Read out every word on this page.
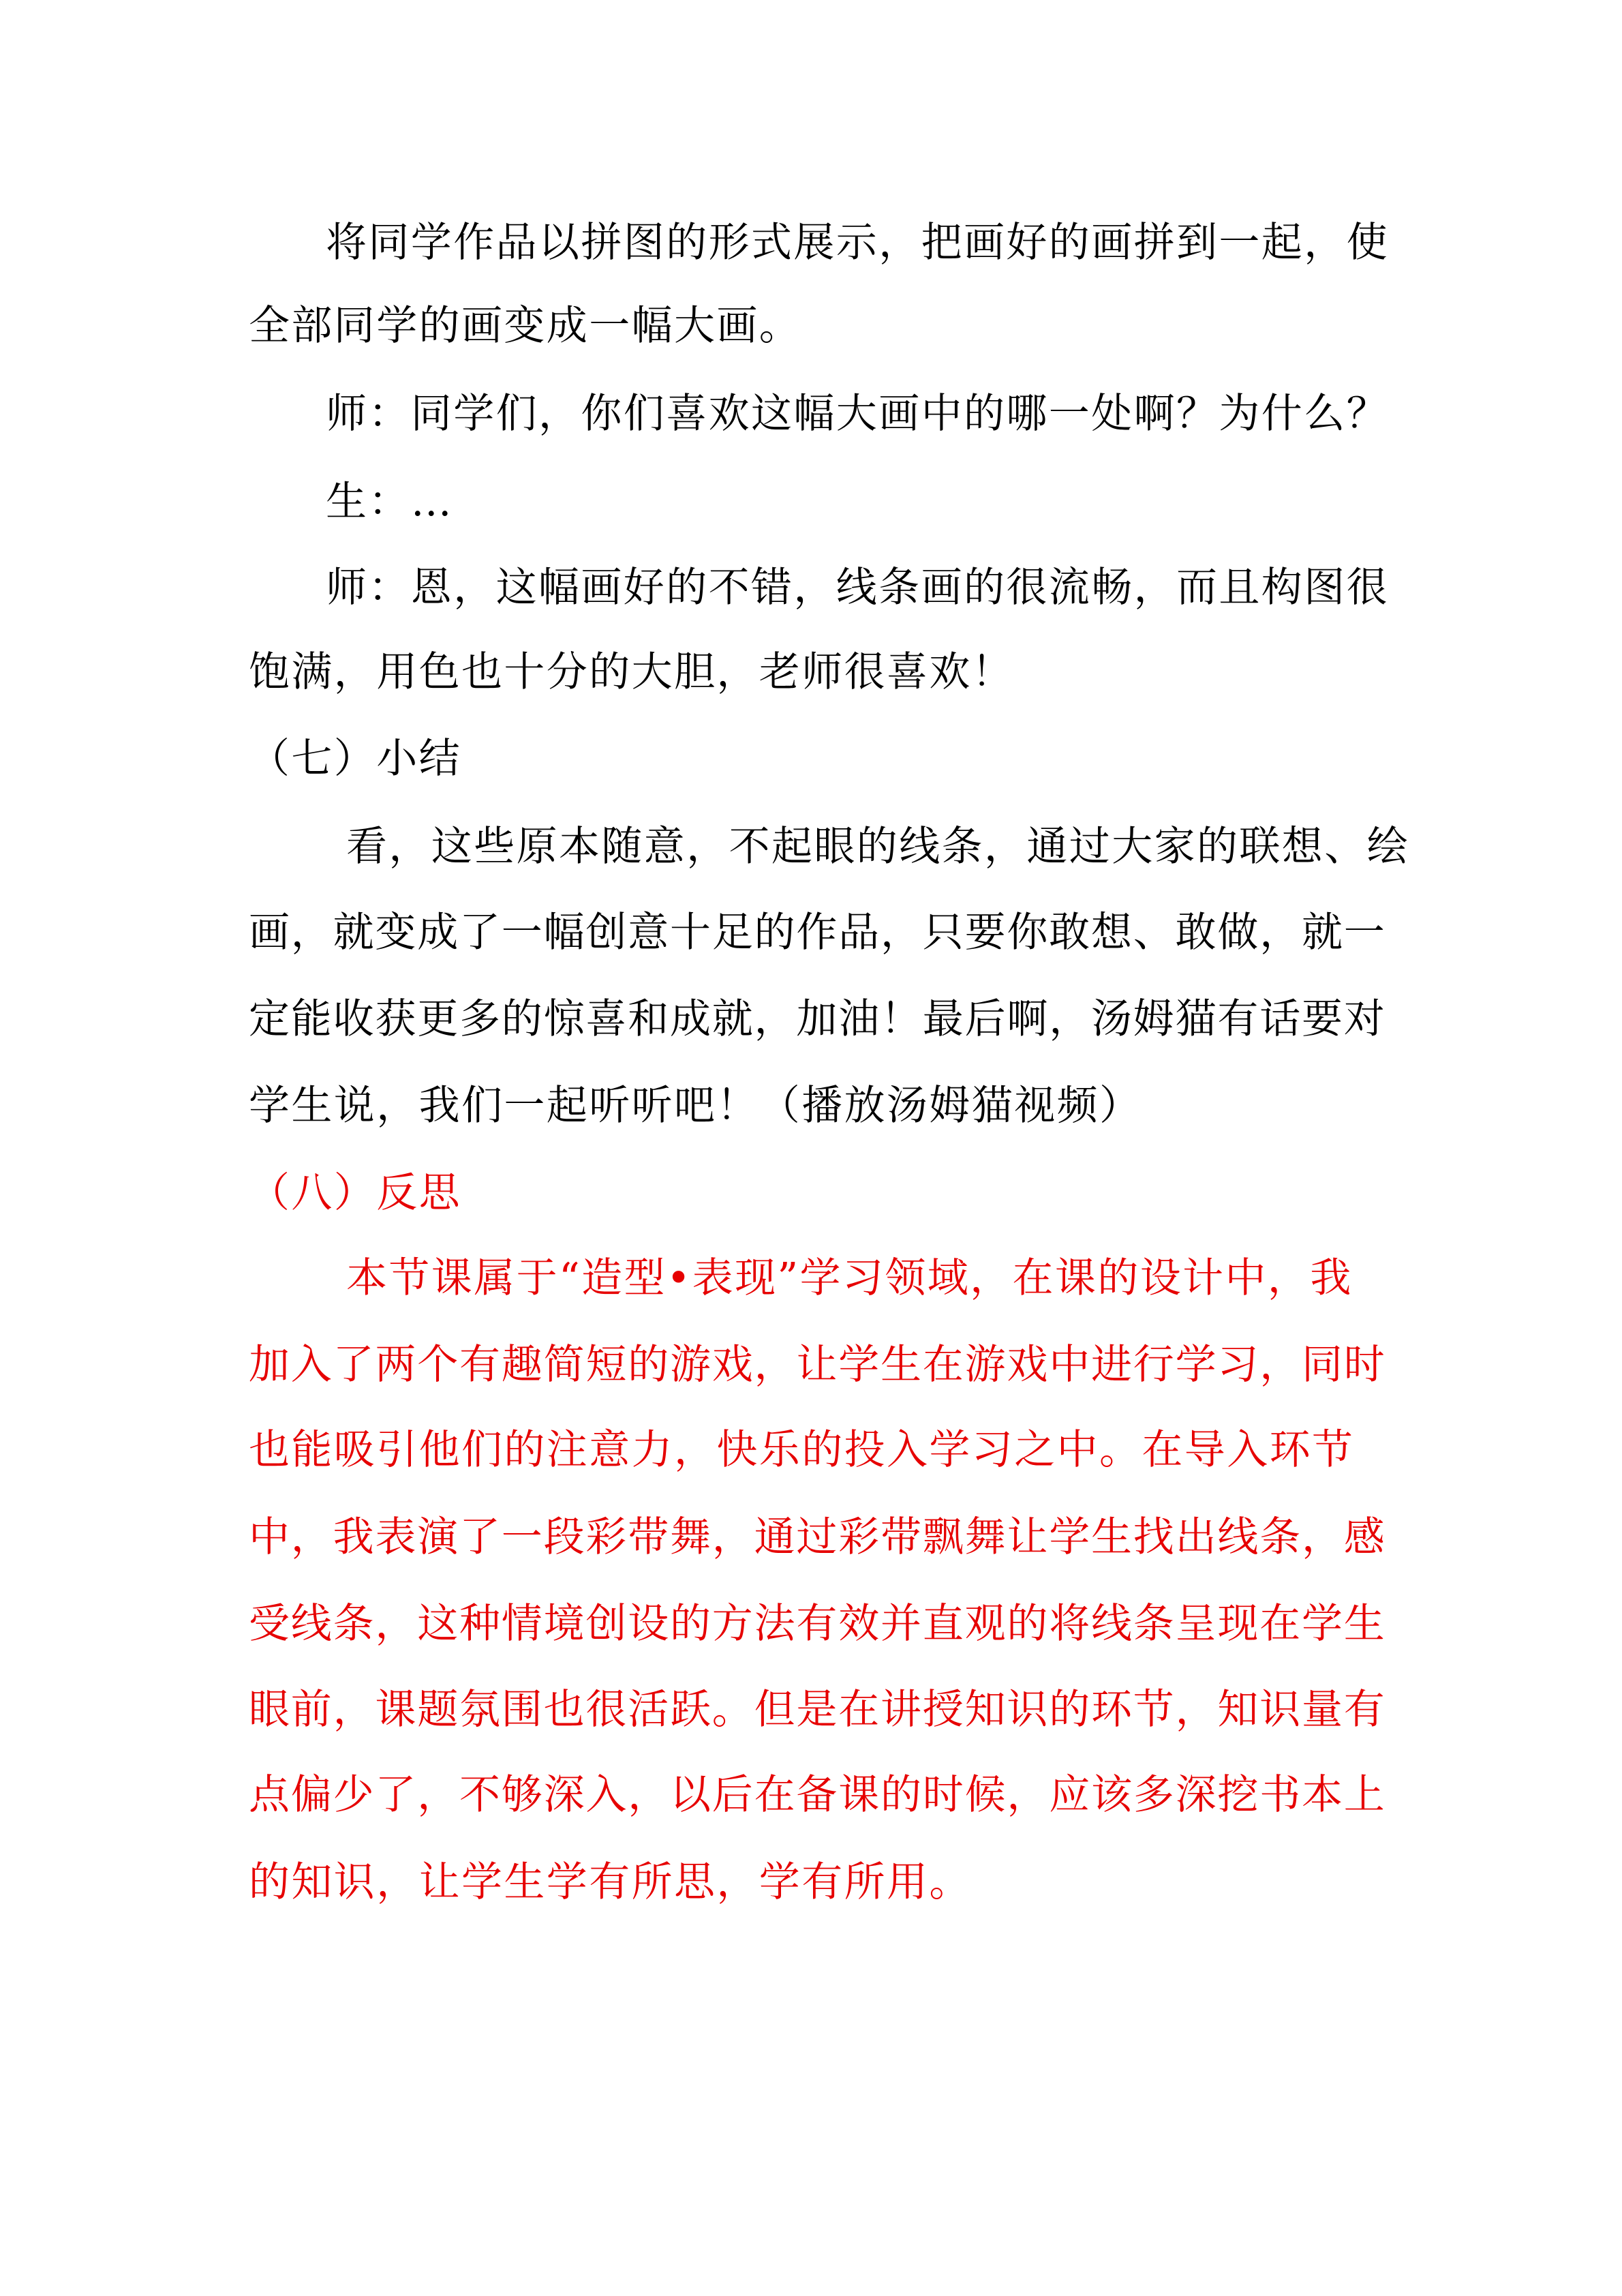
将同学作品以拼图的形式展示，把画好的画拼到一起，使
全部同学的画变成一幅大画。
师：同学们，你们喜欢这幅大画中的哪一处啊？为什么？
生：…
师：恩，这幅画好的不错，线条画的很流畅，而且构图很
饱满，用色也十分的大胆，老师很喜欢！
（七）小结
看，这些原本随意，不起眼的线条，通过大家的联想、绘
画，就变成了一幅创意十足的作品，只要你敢想、敢做，就一
定能收获更多的惊喜和成就，加油！最后啊，汤姆猫有话要对
学生说，我们一起听听吧！（播放汤姆猫视频）
（八）反思
本节课属于“造型•表现”学习领域，在课的设计中，我
加入了两个有趣简短的游戏，让学生在游戏中进行学习，同时
也能吸引他们的注意力，快乐的投入学习之中。在导入环节
中，我表演了一段彩带舞，通过彩带飘舞让学生找出线条，感
受线条，这种情境创设的方法有效并直观的将线条呈现在学生
眼前，课题氛围也很活跃。但是在讲授知识的环节，知识量有
点偏少了，不够深入，以后在备课的时候，应该多深挖书本上
的知识，让学生学有所思，学有所用。
